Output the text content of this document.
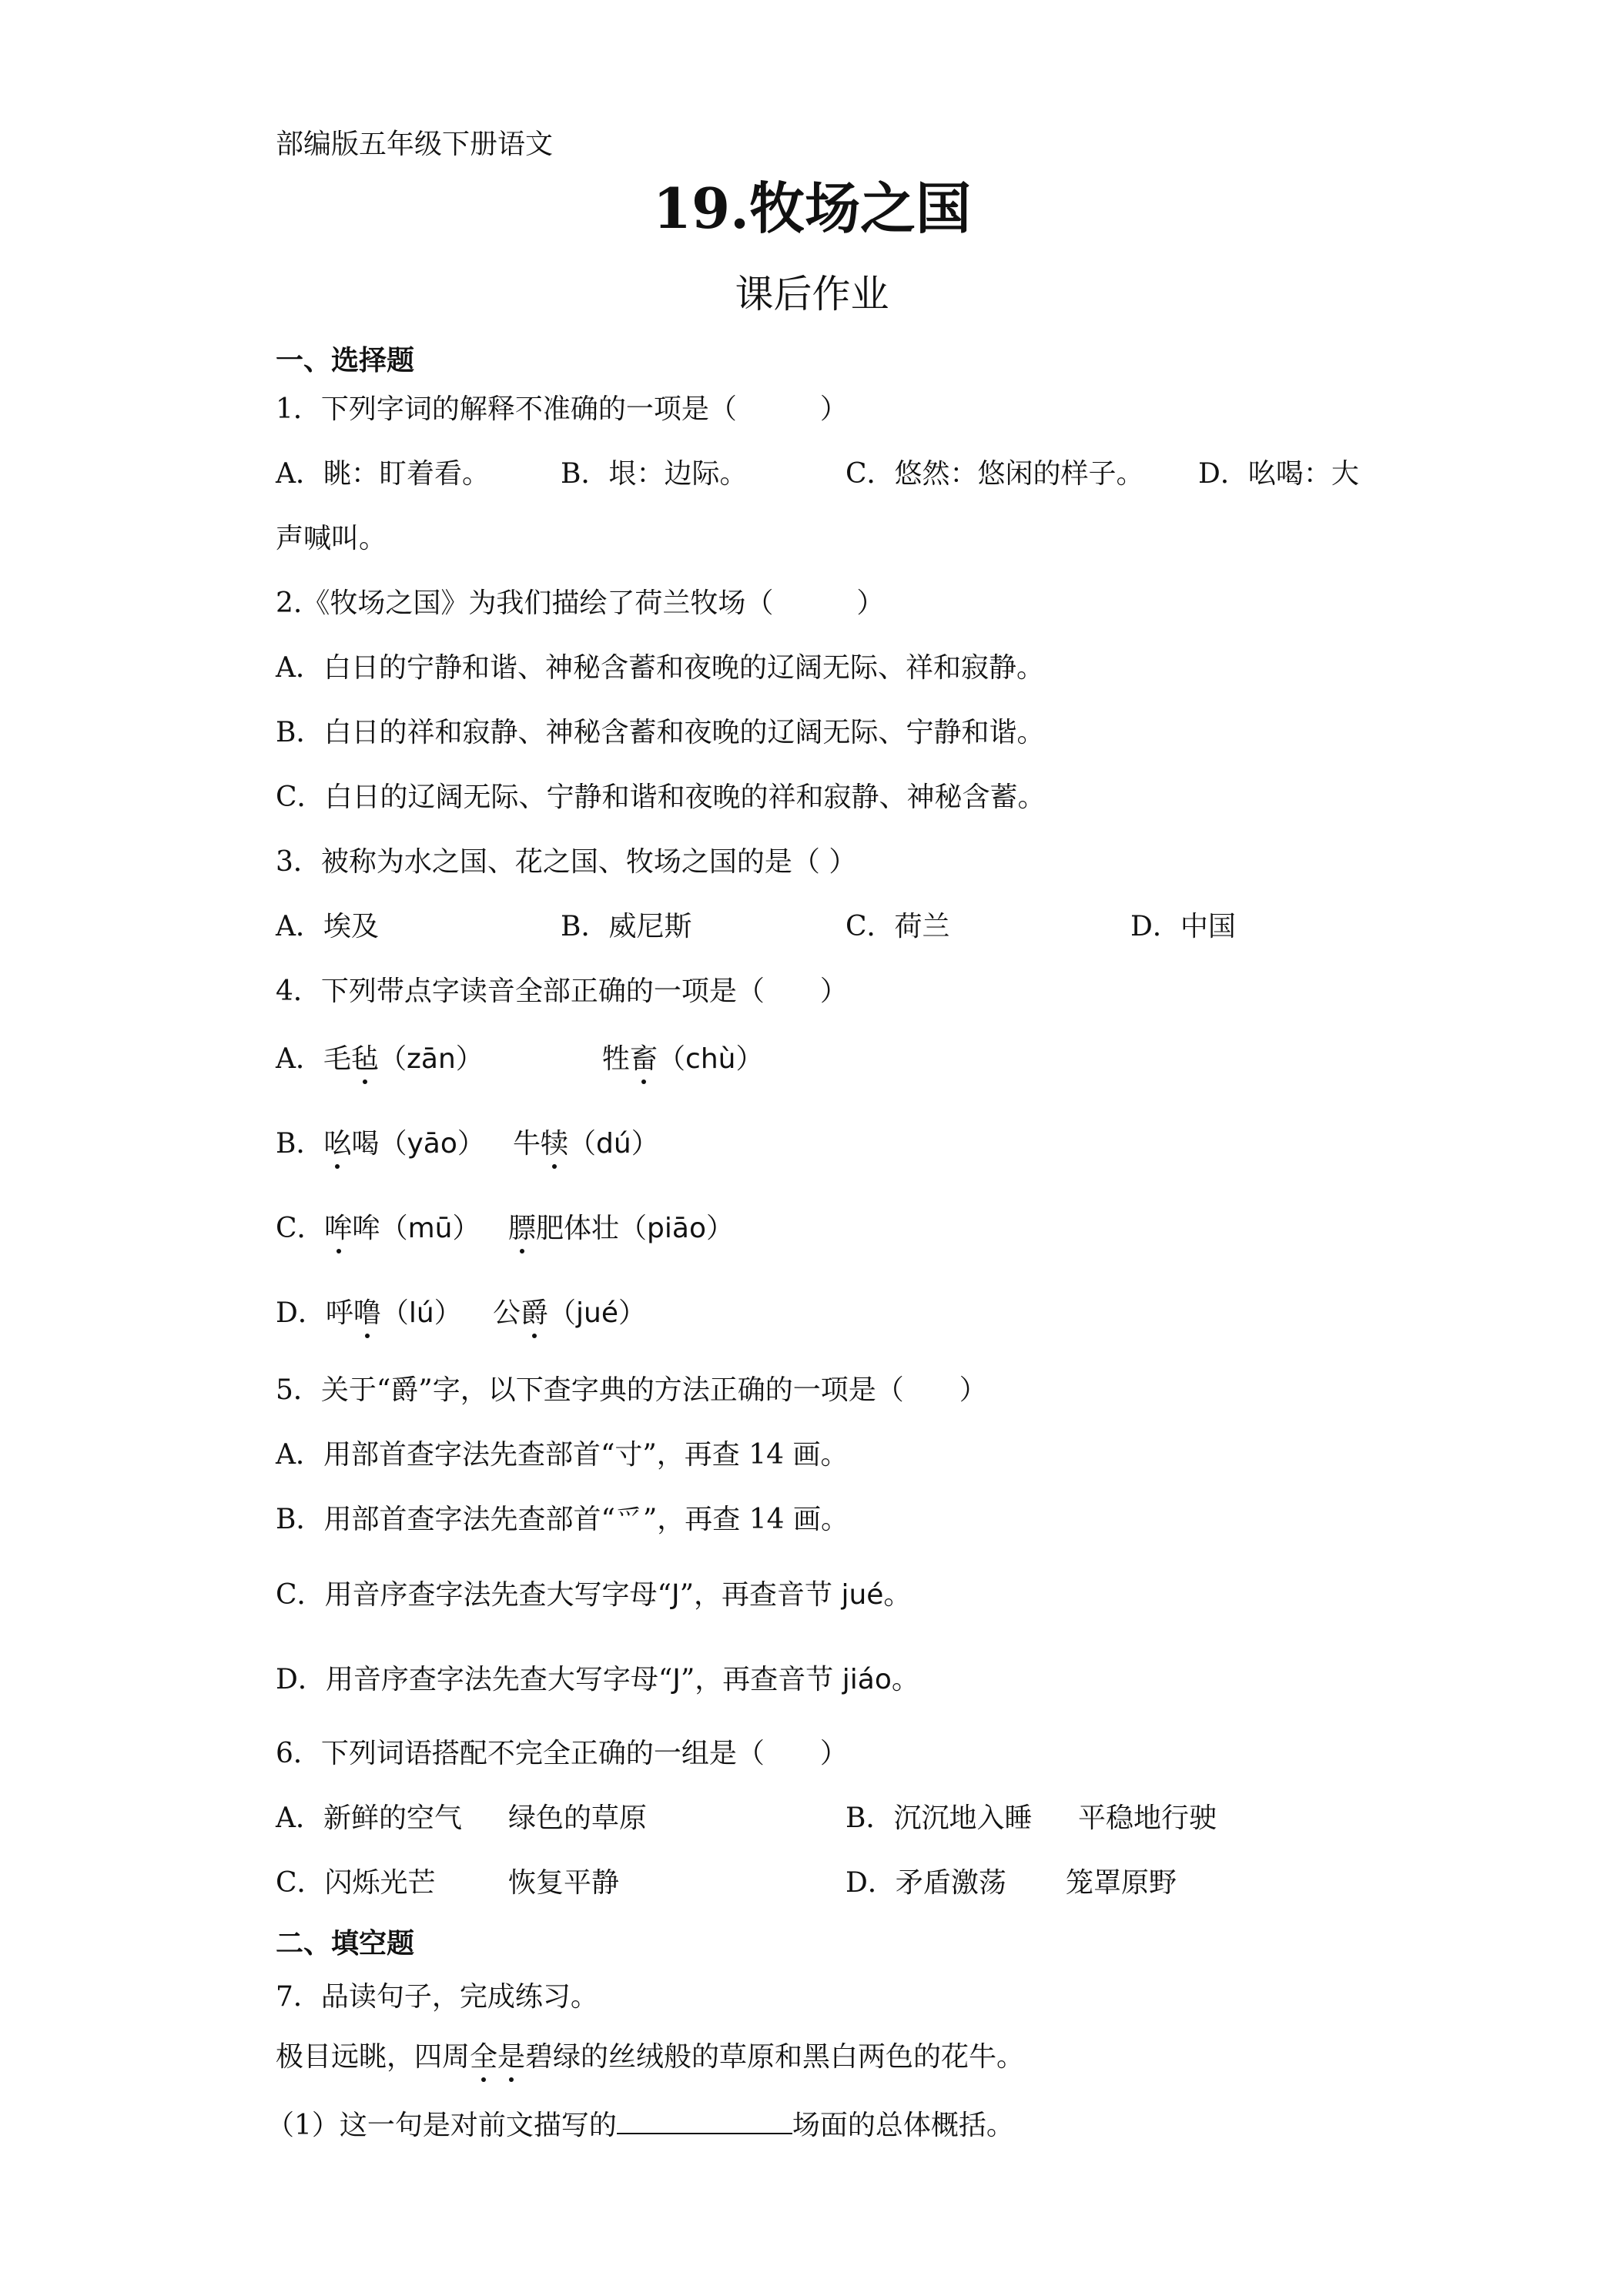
部编版五年级下册语文
19.牧场之国
课后作业
一、选择题
1．下列字词的解释不准确的一项是（　　　）
A．眺：盯着看。	B．垠：边际。	C．悠然：悠闲的样子。 D．吆喝：大
声喊叫。
2.《牧场之国》为我们描绘了荷兰牧场（　　　）
A．白日的宁静和谐、神秘含蓄和夜晚的辽阔无际、祥和寂静。
B．白日的祥和寂静、神秘含蓄和夜晚的辽阔无际、宁静和谐。
C．白日的辽阔无际、宁静和谐和夜晚的祥和寂静、神秘含蓄。
3．被称为水之国、花之国、牧场之国的是（ ）
A．埃及	B．威尼斯	C．荷兰	D．中国
4．下列带点字读音全部正确的一项是（　　）
A．毛毡（zān）	牲畜（chù）
B．吆喝（yāo） 牛犊（dú）
C．哞哞（mū） 膘肥体壮（piāo）
D．呼噜（lú） 公爵（jué）
5．关于“爵”字，以下查字典的方法正确的一项是（　　）
A．用部首查字法先查部首“寸”，再查 14 画。
B．用部首查字法先查部首“爫”，再查 14 画。
C．用音序查字法先查大写字母“J”，再查音节 jué。
D．用音序查字法先查大写字母“J”，再查音节 jiáo。
6．下列词语搭配不完全正确的一组是（　　）
A．新鲜的空气 绿色的草原	B．沉沉地入睡 平稳地行驶
C．闪烁光芒	恢复平静	D．矛盾激荡 笼罩原野
二、填空题
7．品读句子，完成练习。
极目远眺，四周全是碧绿的丝绒般的草原和黑白两色的花牛。
（1）这一句是对前文描写的	场面的总体概括。
